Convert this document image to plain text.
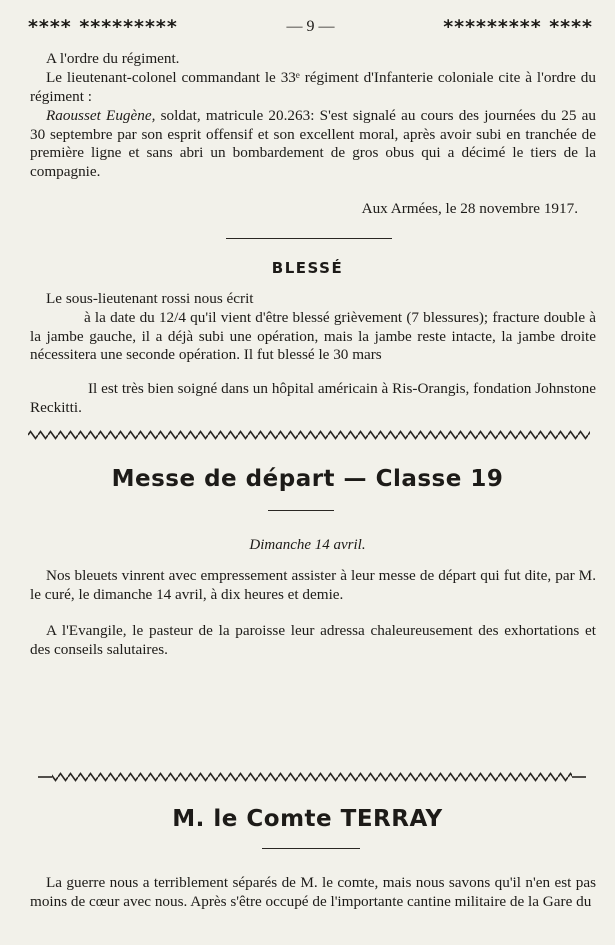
**** *********	— 9 —	********* ****

A l'ordre du régiment.

Le lieutenant-colonel commandant le 33ᵉ régiment d'Infanterie coloniale cite à l'ordre du régiment :

Raousset Eugène, soldat, matricule 20.263: S'est signalé au cours des journées du 25 au 30 septembre par son esprit offensif et son excellent moral, après avoir subi en tranchée de première ligne et sans abri un bombardement de gros obus qui a décimé le tiers de la compagnie.

Aux Armées, le 28 novembre 1917.

BLESSÉ

Le sous-lieutenant rossi nous écrit

à la date du 12/4 qu'il vient d'être blessé grièvement (7 blessures); fracture double à la jambe gauche, il a déjà subi une opération, mais la jambe reste intacte, la jambe droite nécessitera une seconde opération. Il fut blessé le 30 mars

Il est très bien soigné dans un hôpital américain à Ris-Orangis, fondation Johnstone Reckitti.

Messe de départ — Classe 19
Dimanche 14 avril.

Nos bleuets vinrent avec empressement assister à leur messe de départ qui fut dite, par M. le curé, le dimanche 14 avril, à dix heures et demie.

A l'Evangile, le pasteur de la paroisse leur adressa chaleureusement des exhortations et des conseils salutaires.

M. le Comte TERRAY

La guerre nous a terriblement séparés de M. le comte, mais nous savons qu'il n'en est pas moins de cœur avec nous. Après s'être occupé de l'importante cantine militaire de la Gare du
